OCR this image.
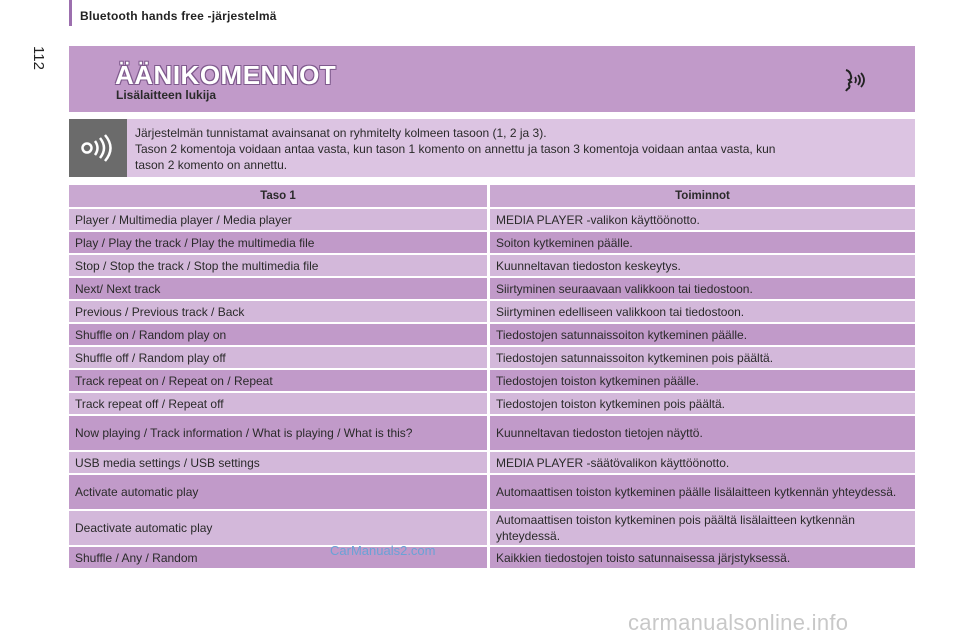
Bluetooth hands free -järjestelmä
112
ÄÄNIKOMENNOT
Lisälaitteen lukija
Järjestelmän tunnistamat avainsanat on ryhmitelty kolmeen tasoon (1, 2 ja 3).
Tason 2 komentoja voidaan antaa vasta, kun tason 1 komento on annettu ja tason 3 komentoja voidaan antaa vasta, kun
tason 2 komento on annettu.
Taso 1	Toiminnot
Player / Multimedia player / Media player	MEDIA PLAYER -valikon käyttöönotto.
Play / Play the track / Play the multimedia file	Soiton kytkeminen päälle.
Stop / Stop the track / Stop the multimedia file	Kuunneltavan tiedoston keskeytys.
Next/ Next track	Siirtyminen seuraavaan valikkoon tai tiedostoon.
Previous / Previous track / Back	Siirtyminen edelliseen valikkoon tai tiedostoon.
Shuffle on / Random play on	Tiedostojen satunnaissoiton kytkeminen päälle.
Shuffle off / Random play off	Tiedostojen satunnaissoiton kytkeminen pois päältä.
Track repeat on / Repeat on / Repeat	Tiedostojen toiston kytkeminen päälle.
Track repeat off / Repeat off	Tiedostojen toiston kytkeminen pois päältä.
Now playing / Track information / What is playing / What is this?	Kuunneltavan tiedoston tietojen näyttö.
USB media settings / USB settings	MEDIA PLAYER -säätövalikon käyttöönotto.
Activate automatic play	Automaattisen toiston kytkeminen päälle lisälaitteen kytkennän yhteydessä.
Deactivate automatic play	Automaattisen toiston kytkeminen pois päältä lisälaitteen kytkennän yhteydessä.
Shuffle / Any / Random	Kaikkien tiedostojen toisto satunnaisessa järjstyksessä.
CarManuals2.com
carmanualsonline.info
